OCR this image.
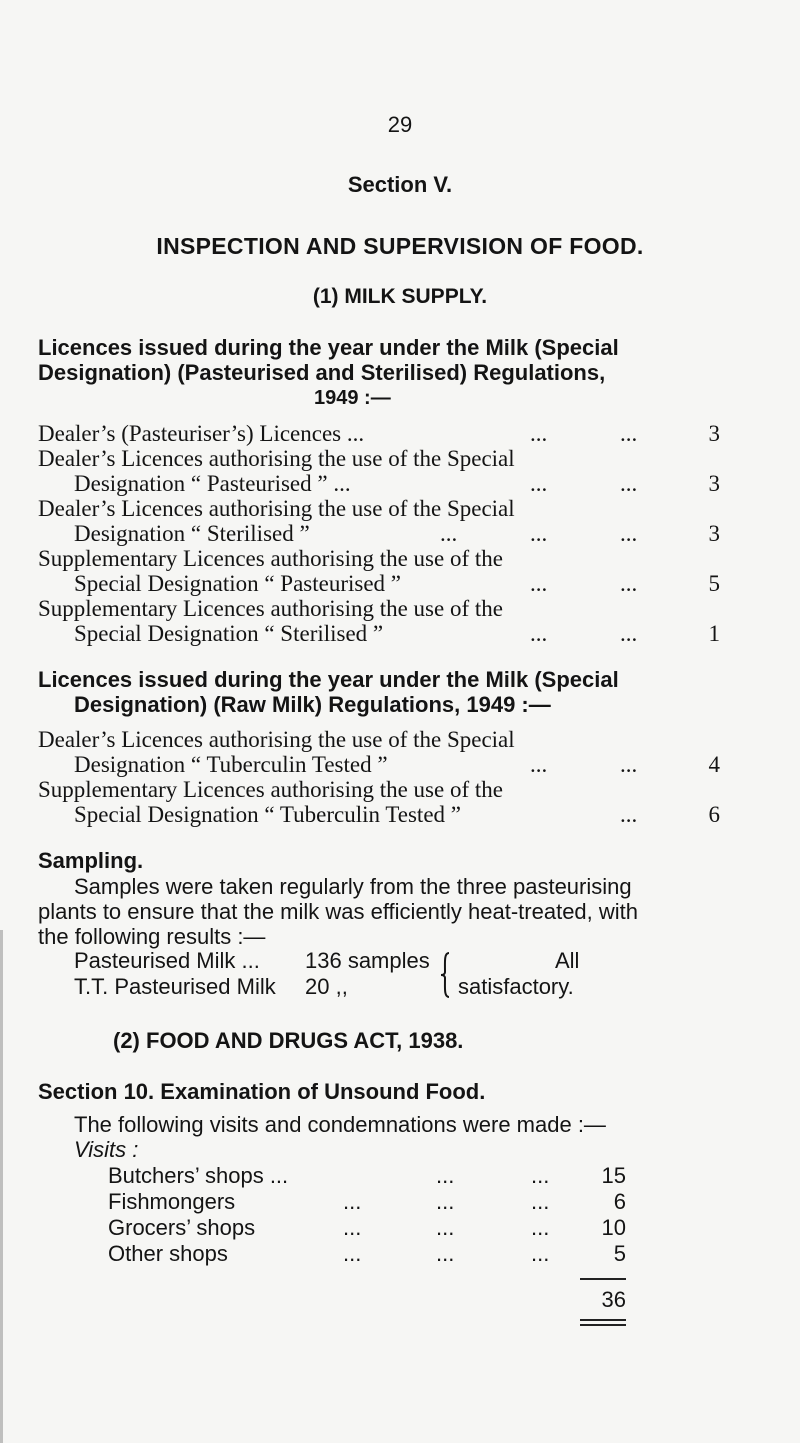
29
Section V.
INSPECTION AND SUPERVISION OF FOOD.
(1) MILK SUPPLY.
Licences issued during the year under the Milk (Special
Designation) (Pasteurised and Sterilised) Regulations,
1949 :—
Dealer’s (Pasteuriser’s) Licences ...	...	...	3
Dealer’s Licences authorising the use of the Special
Designation “ Pasteurised ” ...	...	...	3
Dealer’s Licences authorising the use of the Special
Designation “ Sterilised ”	...	...	...	3
Supplementary Licences authorising the use of the
Special Designation “ Pasteurised ”	...	...	5
Supplementary Licences authorising the use of the
Special Designation “ Sterilised ”	...	...	1
Licences issued during the year under the Milk (Special
Designation) (Raw Milk) Regulations, 1949 :—
Dealer’s Licences authorising the use of the Special
Designation “ Tuberculin Tested ”	...	...	4
Supplementary Licences authorising the use of the
Special Designation “ Tuberculin Tested ”	...	6
Sampling.
Samples were taken regularly from the three pasteurising
plants to ensure that the milk was efficiently heat-treated, with
the following results :—
Pasteurised Milk ... 136 samples
T.T. Pasteurised Milk 20 ,,
All
satisfactory.
(2) FOOD AND DRUGS ACT, 1938.
Section 10. Examination of Unsound Food.
The following visits and condemnations were made :—
Visits :
Butchers’ shops ...	...	... 15
Fishmongers	...	...	...	6
Grocers’ shops	...	...	... 10
Other shops	...	...	...	5
36
